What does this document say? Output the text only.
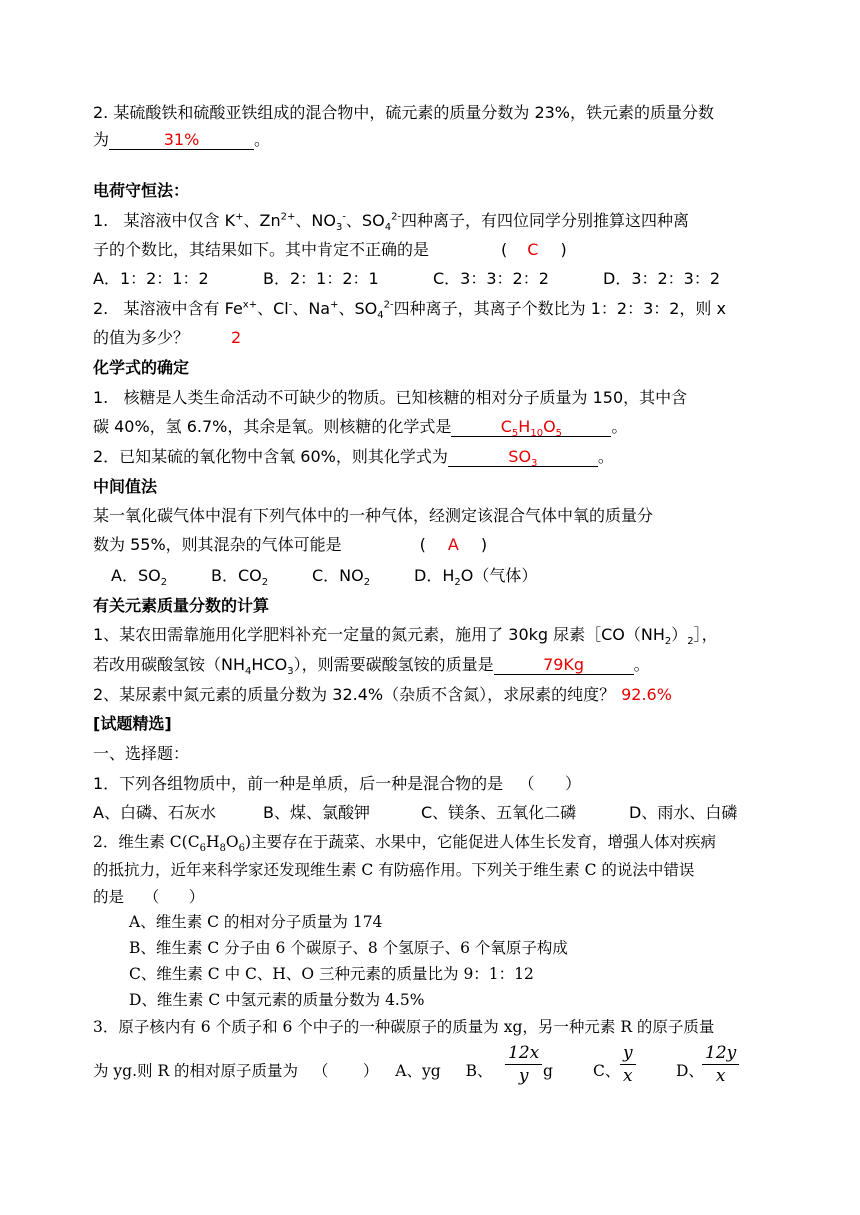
2. 某硫酸铁和硫酸亚铁组成的混合物中，硫元素的质量分数为 23%，铁元素的质量分数
为	31%	。
电荷守恒法：
1.   某溶液中仅含 K+、$Zn^{2+}$、$NO_3^-$、$SO_4^{2-}$四种离子，有四位同学分别推算这四种离
子的个数比，其结果如下。其中肯定不正确的是	( C )
A．1：2：1：2	B．2：1：2：1	C．3：3：2：2	D．3：2：3：2
2.   某溶液中含有 $Fe^{x+}$、Cl-、Na+、$SO_4^{2-}$四种离子，其离子个数比为 1：2：3：2，则 x
的值为多少？	2
化学式的确定
1.   核糖是人类生命活动不可缺少的物质。已知核糖的相对分子质量为 150，其中含
碳 40%，氢 6.7%，其余是氧。则核糖的化学式是	$C_5H_{10}O_5$	。
2．已知某硫的氧化物中含氧 60%，则其化学式为	$SO_3$	。
中间值法
某一氧化碳气体中混有下列气体中的一种气体，经测定该混合气体中氧的质量分
数为 55%，则其混杂的气体可能是	( A )
A．$SO_2$	B．$CO_2$	C．$NO_2$	D．$H_2O$（气体）
有关元素质量分数的计算
1、某农田需靠施用化学肥料补充一定量的氮元素，施用了 30kg 尿素$[CO(NH_2)_2]$，
若改用碳酸氢铵$(NH_4HCO_3)$，则需要碳酸氢铵的质量是	79Kg	。
2、某尿素中氮元素的质量分数为 32.4%（杂质不含氮），求尿素的纯度？ 92.6%
[试题精选]
一、选择题：
1．下列各组物质中，前一种是单质，后一种是混合物的是   （      ）
A、白磷、石灰水	B、煤、氯酸钾	C、镁条、五氧化二磷	D、雨水、白磷
2．维生素 $C(C_6H_8O_6)$主要存在于蔬菜、水果中，它能促进人体生长发育，增强人体对疾病
的抵抗力，近年来科学家还发现维生素 C 有防癌作用。下列关于维生素 C 的说法中错误
的是    （      ）
A、维生素 C 的相对分子质量为 174
B、维生素 C 分子由 6 个碳原子、8 个氢原子、6 个氧原子构成
C、维生素 C 中 C、H、O 三种元素的质量比为 9：1：12
D、维生素 C 中氢元素的质量分数为 4.5%
3．原子核内有 6 个质子和 6 个中子的一种碳原子的质量为 xg，另一种元素 R 的原子质量
为 yg.则 R 的相对原子质量为   （       ） A、yg B、 $\frac{12x}{y}$ g	C、 $\frac{y}{x}$	D、
$\frac{12y}{x}$
